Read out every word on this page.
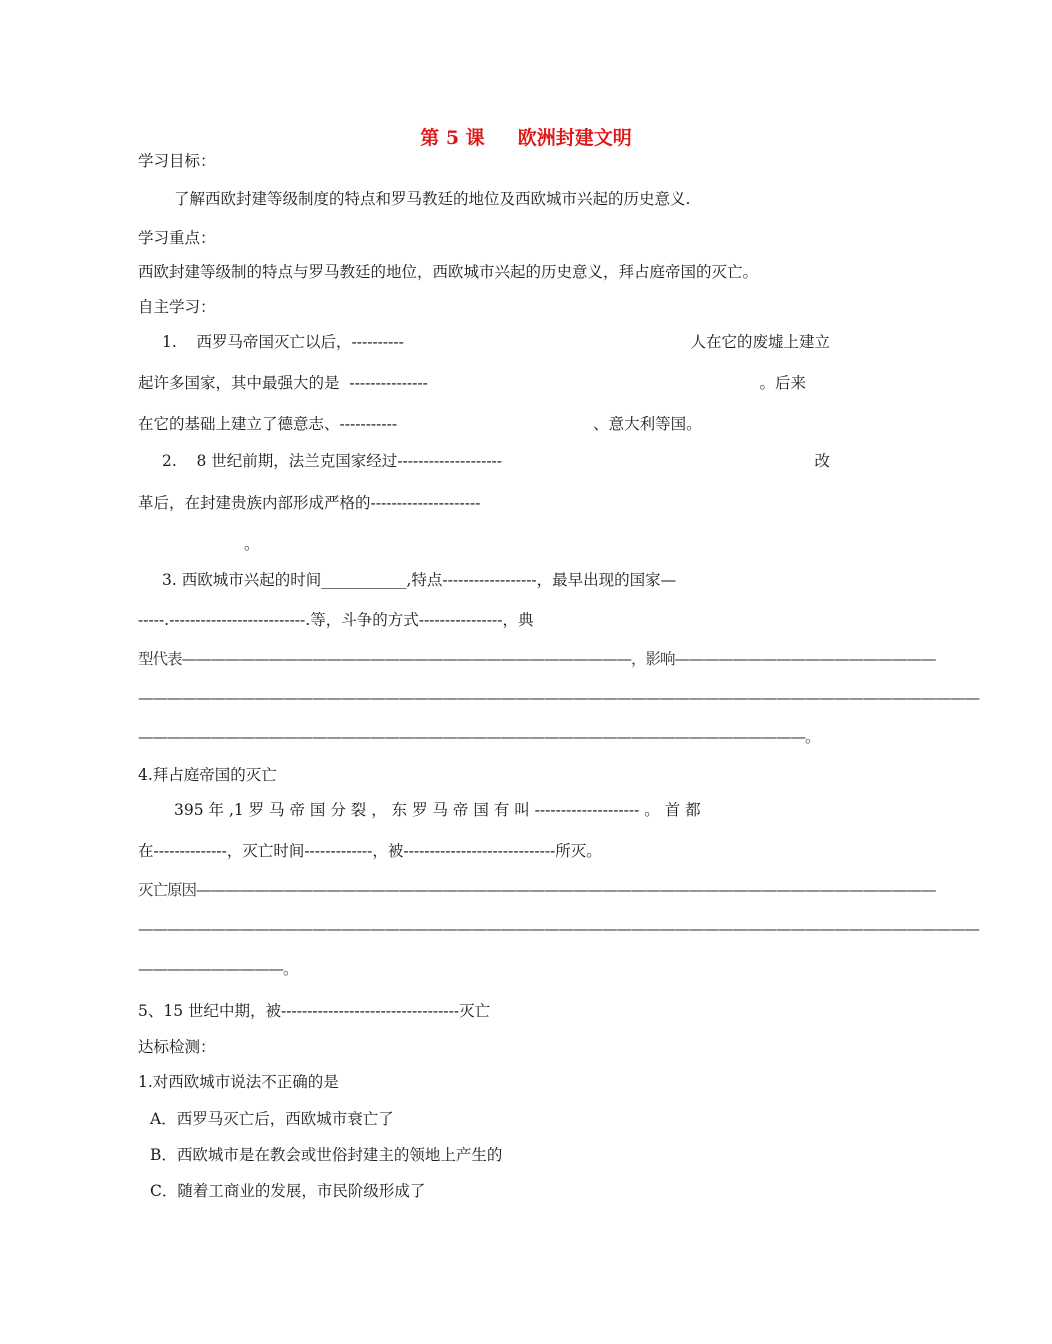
第 5 课     欧洲封建文明
学习目标：
了解西欧封建等级制度的特点和罗马教廷的地位及西欧城市兴起的历史意义.
学习重点：
西欧封建等级制的特点与罗马教廷的地位，西欧城市兴起的历史意义，拜占庭帝国的灭亡。
自主学习：
1.    西罗马帝国灭亡以后，----------	人在它的废墟上建立
起许多国家，其中最强大的是  ---------------	。后来
在它的基础上建立了德意志、-----------	、意大利等国。
2.    8 世纪前期，法兰克国家经过--------------------	改
革后，在封建贵族内部形成严格的---------------------
。
3. 西欧城市兴起的时间___________,特点------------------，最早出现的国家—
-----.--------------------------.等，斗争的方式----------------，典
型代表———————————————————————————————，影响——————————————————
——————————————————————————————————————————————————————————
——————————————————————————————————————————————。
4.拜占庭帝国的灭亡
395 年 ,1 罗 马 帝 国 分 裂 ， 东 罗 马 帝 国 有 叫 -------------------- 。 首 都
在--------------，灭亡时间-------------，被-----------------------------所灭。
灭亡原因———————————————————————————————————————————————————
——————————————————————————————————————————————————————————
——————————。
5、15 世纪中期，被----------------------------------灭亡
达标检测：
1.对西欧城市说法不正确的是
A．西罗马灭亡后，西欧城市衰亡了
B．西欧城市是在教会或世俗封建主的领地上产生的
C．随着工商业的发展，市民阶级形成了
